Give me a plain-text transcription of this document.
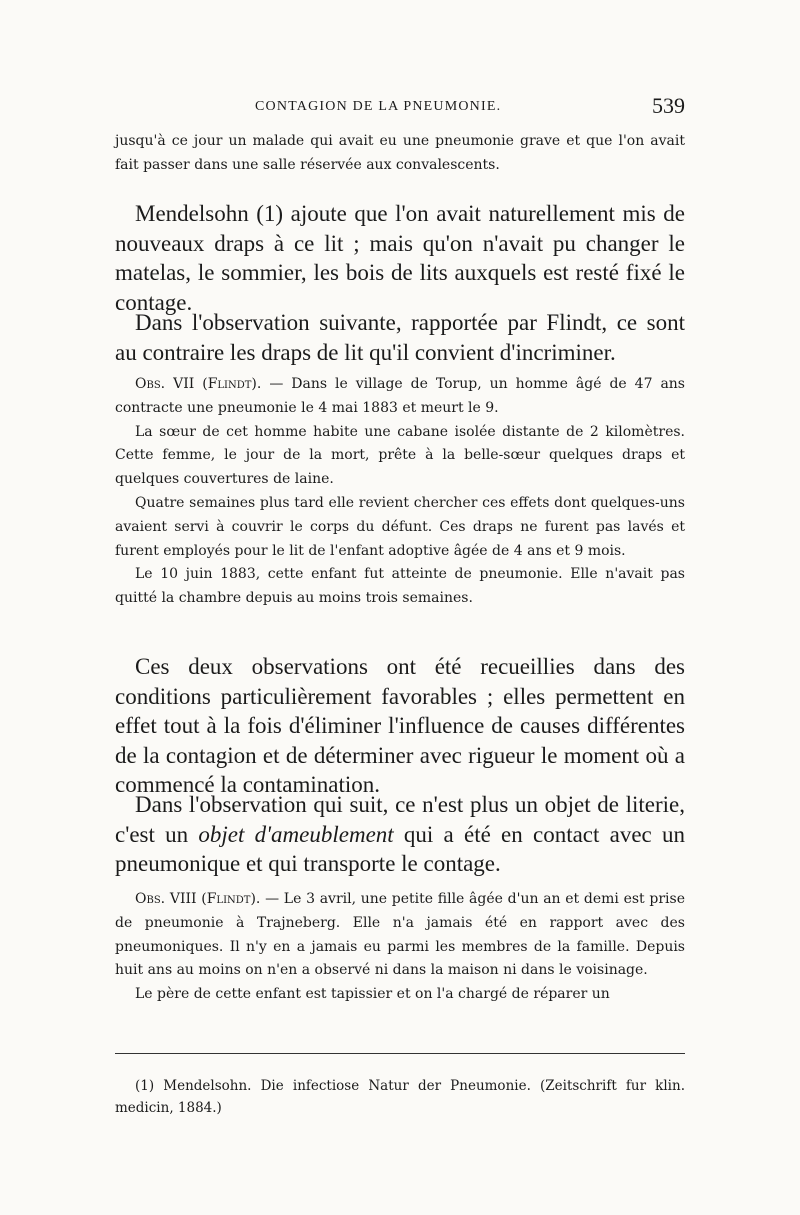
CONTAGION DE LA PNEUMONIE.	539

jusqu'à ce jour un malade qui avait eu une pneumonie grave et que l'on avait fait passer dans une salle réservée aux convalescents.

Mendelsohn (1) ajoute que l'on avait naturellement mis de nouveaux draps à ce lit ; mais qu'on n'avait pu changer le matelas, le sommier, les bois de lits auxquels est resté fixé le contage.

Dans l'observation suivante, rapportée par Flindt, ce sont au contraire les draps de lit qu'il convient d'incriminer.

Obs. VII (Flindt). — Dans le village de Torup, un homme âgé de 47 ans contracte une pneumonie le 4 mai 1883 et meurt le 9.

La sœur de cet homme habite une cabane isolée distante de 2 kilomètres. Cette femme, le jour de la mort, prête à la belle-sœur quelques draps et quelques couvertures de laine.

Quatre semaines plus tard elle revient chercher ces effets dont quelques-uns avaient servi à couvrir le corps du défunt. Ces draps ne furent pas lavés et furent employés pour le lit de l'enfant adoptive âgée de 4 ans et 9 mois.

Le 10 juin 1883, cette enfant fut atteinte de pneumonie. Elle n'avait pas quitté la chambre depuis au moins trois semaines.

Ces deux observations ont été recueillies dans des conditions particulièrement favorables ; elles permettent en effet tout à la fois d'éliminer l'influence de causes différentes de la contagion et de déterminer avec rigueur le moment où a commencé la contamination.

Dans l'observation qui suit, ce n'est plus un objet de literie, c'est un objet d'ameublement qui a été en contact avec un pneumonique et qui transporte le contage.

Obs. VIII (Flindt). — Le 3 avril, une petite fille âgée d'un an et demi est prise de pneumonie à Trajneberg. Elle n'a jamais été en rapport avec des pneumoniques. Il n'y en a jamais eu parmi les membres de la famille. Depuis huit ans au moins on n'en a observé ni dans la maison ni dans le voisinage.

Le père de cette enfant est tapissier et on l'a chargé de réparer un

(1) Mendelsohn. Die infectiose Natur der Pneumonie. (Zeitschrift fur klin. medicin, 1884.)
